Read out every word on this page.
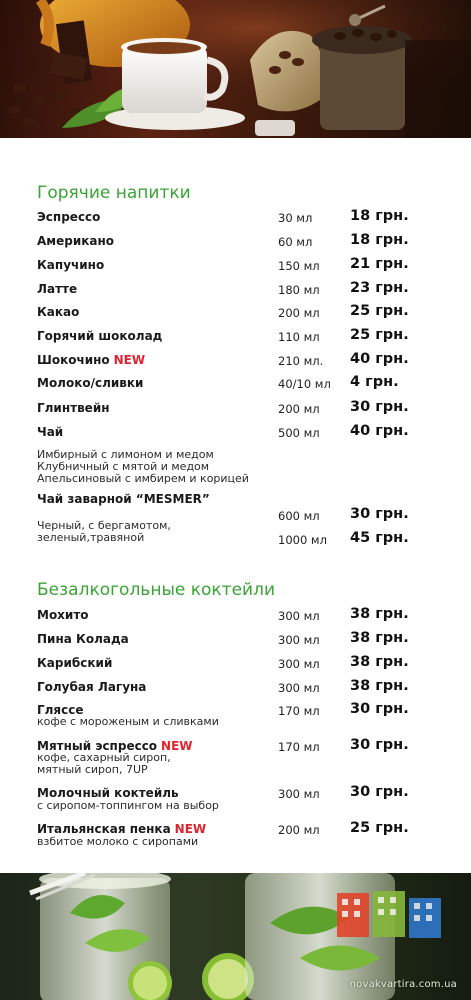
Горячие напитки
Эспрессо	30 мл	18 грн.
Американо	60 мл	18 грн.
Капучино	150 мл 21 грн.
Латте	180 мл 23 грн.
Какао	200 мл 25 грн.
Горячий шоколад	110 мл 25 грн.
Шокочино NEW	210 мл. 40 грн.
Молоко/сливки	40/10 мл 4 грн.
Глинтвейн	200 мл 30 грн.
Чай	500 мл 40 грн.
Имбирный с лимоном и медом
Клубничный с мятой и медом
Апельсиновый с имбирем и корицей
Чай заварной “MESMER”
Черный, с бергамотом,
зеленый,травяной
600 мл 30 грн.
1000 мл 45 грн.
Безалкогольные коктейли
Мохито	300 мл 38 грн.
Пина Колада	300 мл 38 грн.
Карибский	300 мл 38 грн.
Голубая Лагуна	300 мл 38 грн.
Гляссе	170 мл 30 грн.
кофе с мороженым и сливками
Мятный эспрессо NEW	170 мл 30 грн.
кофе, сахарный сироп,
мятный сироп, 7UP
Молочный коктейль	300 мл 30 грн.
с сиропом-топпингом на выбор
Итальянская пенка NEW	200 мл 25 грн.
взбитое молоко с сиропами
novakvartira.com.ua
